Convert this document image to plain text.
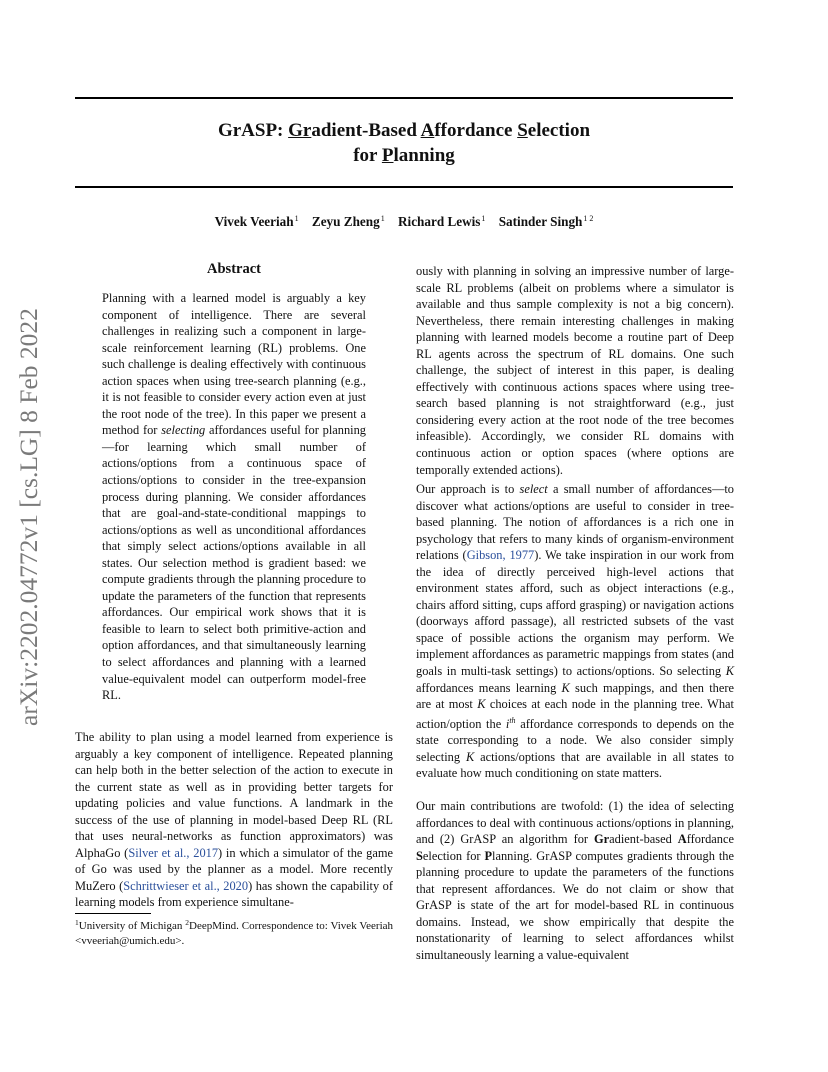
GrASP: Gradient-Based Affordance Selection
for Planning
Vivek Veeriah$^1$ Zeyu Zheng$^1$ Richard Lewis$^1$ Satinder Singh$^{1 2}$
arXiv:2202.04772v1 [cs.LG] 8 Feb 2022
Abstract

Planning with a learned model is arguably a key component of intelligence. There are several challenges in realizing such a component in large-scale reinforcement learning (RL) problems. One such challenge is dealing effectively with continuous action spaces when using tree-search planning (e.g., it is not feasible to consider every action even at just the root node of the tree). In this paper we present a method for selecting affordances useful for planning—for learning which small number of actions/options from a continuous space of actions/options to consider in the tree-expansion process during planning. We consider affordances that are goal-and-state-conditional mappings to actions/options as well as unconditional affordances that simply select actions/options available in all states. Our selection method is gradient based: we compute gradients through the planning procedure to update the parameters of the function that represents affordances. Our empirical work shows that it is feasible to learn to select both primitive-action and option affordances, and that simultaneously learning to select affordances and planning with a learned value-equivalent model can outperform model-free RL.

The ability to plan using a model learned from experience is arguably a key component of intelligence. Repeated planning can help both in the better selection of the action to execute in the current state as well as in providing better targets for updating policies and value functions. A landmark in the success of the use of planning in model-based Deep RL (RL that uses neural-networks as function approximators) was AlphaGo (Silver et al., 2017) in which a simulator of the game of Go was used by the planner as a model. More recently MuZero (Schrittwieser et al., 2020) has shown the capability of learning models from experience simultane-

$^1$University of Michigan $^2$DeepMind. Correspondence to: Vivek Veeriah <vveeriah@umich.edu>.

ously with planning in solving an impressive number of large-scale RL problems (albeit on problems where a simulator is available and thus sample complexity is not a big concern). Nevertheless, there remain interesting challenges in making planning with learned models become a routine part of Deep RL agents across the spectrum of RL domains. One such challenge, the subject of interest in this paper, is dealing effectively with continuous actions spaces where using tree-search based planning is not straightforward (e.g., just considering every action at the root node of the tree becomes infeasible). Accordingly, we consider RL domains with continuous action or option spaces (where options are temporally extended actions).

Our approach is to select a small number of affordances—to discover what actions/options are useful to consider in tree-based planning. The notion of affordances is a rich one in psychology that refers to many kinds of organism-environment relations (Gibson, 1977). We take inspiration in our work from the idea of directly perceived high-level actions that environment states afford, such as object interactions (e.g., chairs afford sitting, cups afford grasping) or navigation actions (doorways afford passage), all restricted subsets of the vast space of possible actions the organism may perform. We implement affordances as parametric mappings from states (and goals in multi-task settings) to actions/options. So selecting K affordances means learning K such mappings, and then there are at most K choices at each node in the planning tree. What action/option the $i^{th}$ affordance corresponds to depends on the state corresponding to a node. We also consider simply selecting K actions/options that are available in all states to evaluate how much conditioning on state matters.

Our main contributions are twofold: (1) the idea of selecting affordances to deal with continuous actions/options in planning, and (2) GrASP an algorithm for Gradient-based Affordance Selection for Planning. GrASP computes gradients through the planning procedure to update the parameters of the functions that represent affordances. We do not claim or show that GrASP is state of the art for model-based RL in continuous domains. Instead, we show empirically that despite the nonstationarity of learning to select affordances whilst simultaneously learning a value-equivalent
